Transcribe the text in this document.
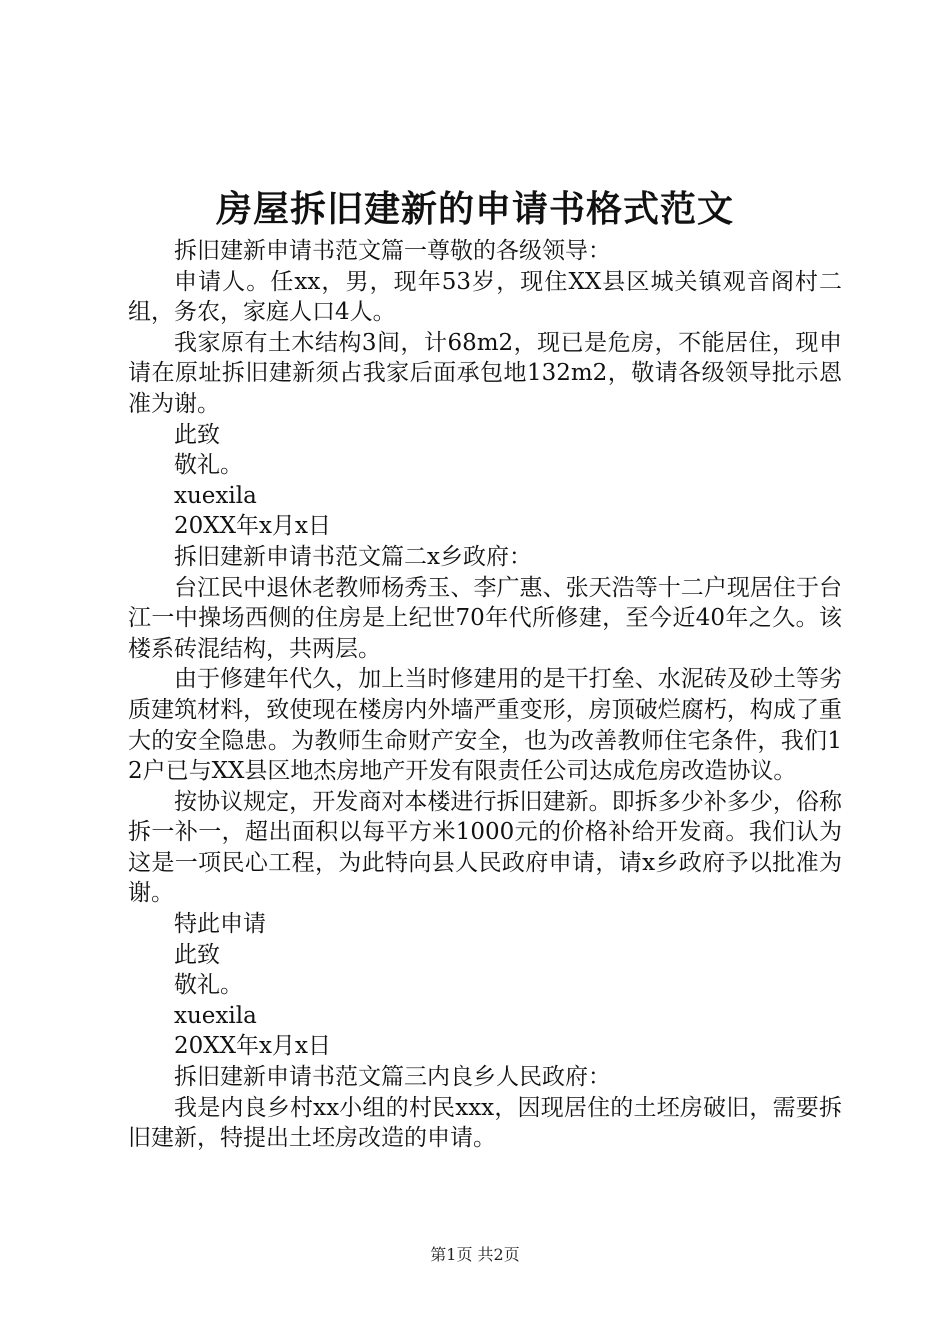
房屋拆旧建新的申请书格式范文

拆旧建新申请书范文篇一尊敬的各级领导：

申请人。任xx，男，现年53岁，现住XX县区城关镇观音阁村二组，务农，家庭人口4人。

我家原有土木结构3间，计68m2，现已是危房，不能居住，现申请在原址拆旧建新须占我家后面承包地132m2，敬请各级领导批示恩准为谢。

此致

敬礼。

xuexila

20XX年x月x日

拆旧建新申请书范文篇二x乡政府：

台江民中退休老教师杨秀玉、李广惠、张天浩等十二户现居住于台江一中操场西侧的住房是上纪世70年代所修建，至今近40年之久。该楼系砖混结构，共两层。

由于修建年代久，加上当时修建用的是干打垒、水泥砖及砂土等劣质建筑材料，致使现在楼房内外墙严重变形，房顶破烂腐朽，构成了重大的安全隐患。为教师生命财产安全，也为改善教师住宅条件，我们12户已与XX县区地杰房地产开发有限责任公司达成危房改造协议。

按协议规定，开发商对本楼进行拆旧建新。即拆多少补多少，俗称拆一补一，超出面积以每平方米1000元的价格补给开发商。我们认为这是一项民心工程，为此特向县人民政府申请，请x乡政府予以批准为谢。

特此申请

此致

敬礼。

xuexila

20XX年x月x日

拆旧建新申请书范文篇三内良乡人民政府：

我是内良乡村xx小组的村民xxx，因现居住的土坯房破旧，需要拆旧建新，特提出土坯房改造的申请。

第1页 共2页
